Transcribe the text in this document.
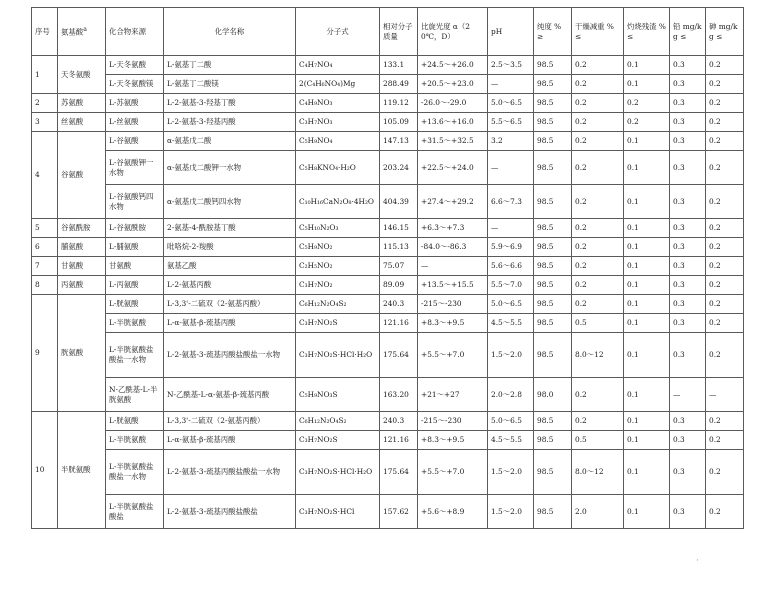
序号	氨基酸$^a$	化合物来源	化学名称	分子式	相对分子质量	比旋光度 α（20℃，D）	pH	纯度 % ≥	干燥减重 % ≤	灼烧残渣 % ≤	铅 mg/kg ≤	砷 mg/kg ≤
1	天冬氨酸	L-天冬氨酸	L-氨基丁二酸	C₄H₇NO₄	133.1	+24.5～+26.0	2.5～3.5	98.5	0.2	0.1	0.3	0.2
		L-天冬氨酸镁	L-氨基丁二酸镁	2(C₄H₆NO₄)Mg	288.49	+20.5～+23.0	—	98.5	0.2	0.1	0.3	0.2
2	苏氨酸	L-苏氨酸	L-2-氨基-3-羟基丁酸	C₄H₉NO₃	119.12	-26.0～-29.0	5.0～6.5	98.5	0.2	0.2	0.3	0.2
3	丝氨酸	L-丝氨酸	L-2-氨基-3-羟基丙酸	C₃H₇NO₃	105.09	+13.6～+16.0	5.5～6.5	98.5	0.2	0.2	0.3	0.2
4	谷氨酸	L-谷氨酸	α-氨基戊二酸	C₅H₉NO₄	147.13	+31.5～+32.5	3.2	98.5	0.2	0.1	0.3	0.2
		L-谷氨酸钾一水物	α-氨基戊二酸钾一水物	C₅H₈KNO₄·H₂O	203.24	+22.5～+24.0	—	98.5	0.2	0.1	0.3	0.2
		L-谷氨酸钙四水物	α-氨基戊二酸钙四水物	C₁₀H₁₆CaN₂O₈·4H₂O	404.39	+27.4～+29.2	6.6～7.3	98.5	0.2	0.1	0.3	0.2
5	谷氨酰胺	L-谷氨酰胺	2-氨基-4-酰胺基丁酸	C₅H₁₀N₂O₃	146.15	+6.3～+7.3	—	98.5	0.2	0.1	0.3	0.2
6	脯氨酸	L-脯氨酸	吡咯烷-2-羧酸	C₅H₉NO₂	115.13	-84.0～-86.3	5.9～6.9	98.5	0.2	0.1	0.3	0.2
7	甘氨酸	甘氨酸	氨基乙酸	C₂H₅NO₂	75.07	—	5.6～6.6	98.5	0.2	0.1	0.3	0.2
8	丙氨酸	L-丙氨酸	L-2-氨基丙酸	C₃H₇NO₂	89.09	+13.5～+15.5	5.5～7.0	98.5	0.2	0.1	0.3	0.2
9	胱氨酸	L-胱氨酸	L-3,3'-二硫双（2-氨基丙酸）	C₆H₁₂N₂O₄S₂	240.3	-215～-230	5.0～6.5	98.5	0.2	0.1	0.3	0.2
		L-半胱氨酸	L-α-氨基-β-巯基丙酸	C₃H₇NO₂S	121.16	+8.3～+9.5	4.5～5.5	98.5	0.5	0.1	0.3	0.2
		L-半胱氨酸盐酸盐一水物	L-2-氨基-3-巯基丙酸盐酸盐一水物	C₃H₇NO₂S·HCl·H₂O	175.64	+5.5～+7.0	1.5～2.0	98.5	8.0～12	0.1	0.3	0.2
		N-乙酰基-L-半胱氨酸	N-乙酰基-L-α-氨基-β-巯基丙酸	C₅H₉NO₃S	163.20	+21～+27	2.0～2.8	98.0	0.2	0.1	—	—
10	半胱氨酸	L-胱氨酸	L-3,3'-二硫双（2-氨基丙酸）	C₆H₁₂N₂O₄S₂	240.3	-215～-230	5.0～6.5	98.5	0.2	0.1	0.3	0.2
		L-半胱氨酸	L-α-氨基-β-巯基丙酸	C₃H₇NO₂S	121.16	+8.3～+9.5	4.5～5.5	98.5	0.5	0.1	0.3	0.2
		L-半胱氨酸盐酸盐一水物	L-2-氨基-3-巯基丙酸盐酸盐一水物	C₃H₇NO₂S·HCl·H₂O	175.64	+5.5～+7.0	1.5～2.0	98.5	8.0～12	0.1	0.3	0.2
		L-半胱氨酸盐酸盐	L-2-氨基-3-巯基丙酸盐酸盐	C₃H₇NO₂S·HCl	157.62	+5.6～+8.9	1.5～2.0	98.5	2.0	0.1	0.3	0.2
·
